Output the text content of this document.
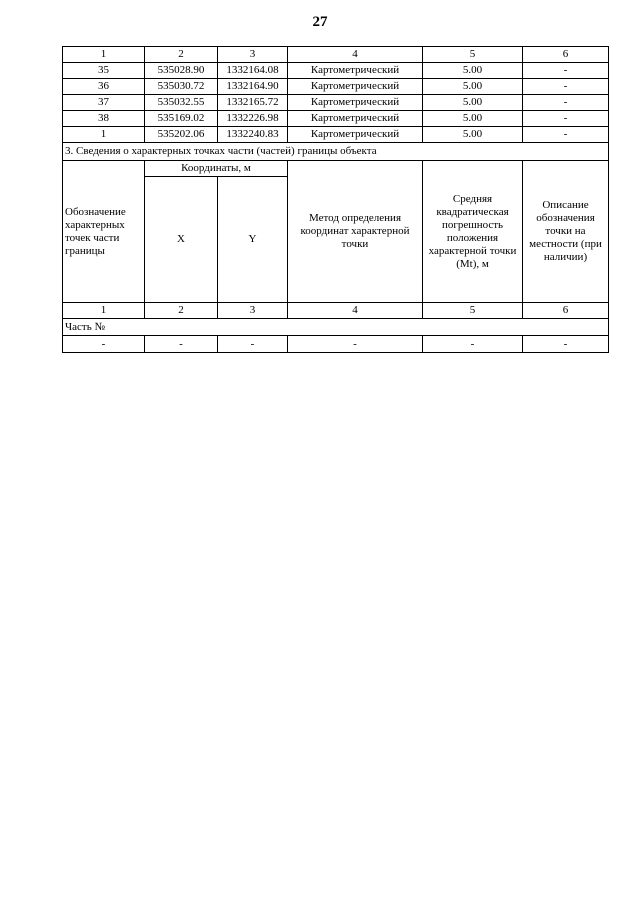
27
1	2	3	4	5	6
35	535028.90	1332164.08	Картометрический	5.00	-
36	535030.72	1332164.90	Картометрический	5.00	-
37	535032.55	1332165.72	Картометрический	5.00	-
38	535169.02	1332226.98	Картометрический	5.00	-
1	535202.06	1332240.83	Картометрический	5.00	-
3. Сведения о характерных точках части (частей) границы объекта					

Обозначение
характерных
точек части
границы	Координаты, м		Метод определения координат характерной точки	Средняя квадратическая погрешность положения характерной точки (Mt), м	Описание обозначения точки на местности (при наличии)
	X	Y			
1	2	3	4	5	6
Часть №					
-	-	-	-	-	-
